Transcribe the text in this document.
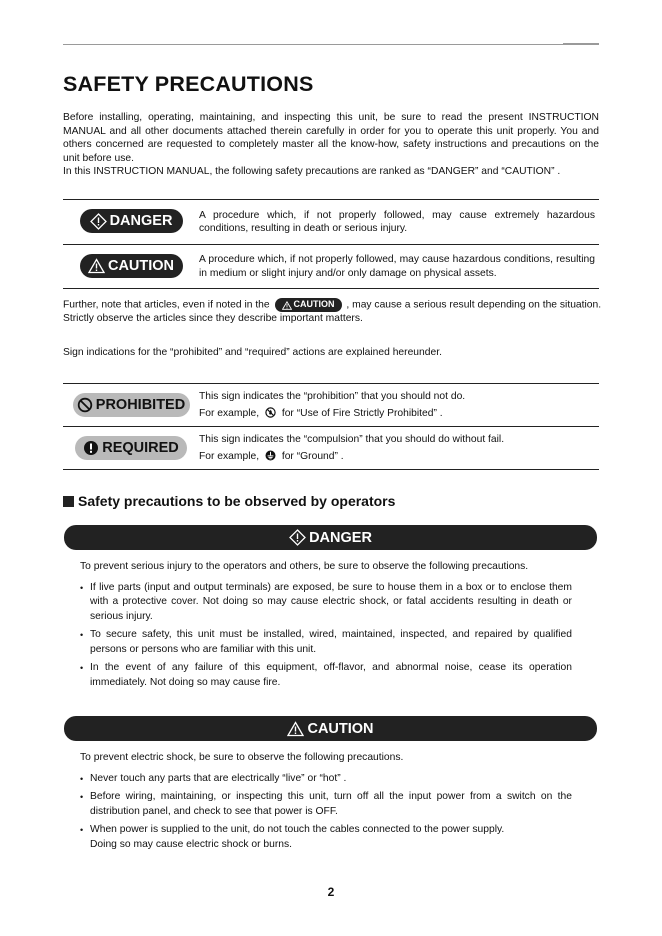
SAFETY PRECAUTIONS

Before installing, operating, maintaining, and inspecting this unit, be sure to read the present INSTRUCTION MANUAL and all other documents attached therein carefully in order for you to operate this unit properly. You and others concerned are requested to completely master all the know-how, safety instructions and precautions on the unit before use.

In this INSTRUCTION MANUAL, the following safety precautions are ranked as “DANGER” and “CAUTION” .

DANGER	A procedure which, if not properly followed, may cause extremely hazardous conditions, resulting in death or serious injury.

CAUTION	A procedure which, if not properly followed, may cause hazardous conditions, resulting in medium or slight injury and/or only damage on physical assets.
Further, note that articles, even if noted in the	CAUTION , may cause a serious result depending on the situation.
Strictly observe the articles since they describe important matters.

Sign indications for the “prohibited” and “required” actions are explained hereunder.

PROHIBITED	This sign indicates the “prohibition” that you should not do.
For example, for “Use of Fire Strictly Prohibited” .

REQUIRED	This sign indicates the “compulsion” that you should do without fail.
For example, for “Ground” .
Safety precautions to be observed by operators
DANGER

To prevent serious injury to the operators and others, be sure to observe the following precautions.

• If live parts (input and output terminals) are exposed, be sure to house them in a box or to enclose them with a protective cover. Not doing so may cause electric shock, or fatal accidents resulting in death or serious injury.
• To secure safety, this unit must be installed, wired, maintained, inspected, and repaired by qualified persons or persons who are familiar with this unit.
• In the event of any failure of this equipment, off-flavor, and abnormal noise, cease its operation immediately. Not doing so may cause fire.
CAUTION

To prevent electric shock, be sure to observe the following precautions.

• Never touch any parts that are electrically “live” or “hot” .
• Before wiring, maintaining, or inspecting this unit, turn off all the input power from a switch on the distribution panel, and check to see that power is OFF.
• When power is supplied to the unit, do not touch the cables connected to the power supply.
Doing so may cause electric shock or burns.
2
